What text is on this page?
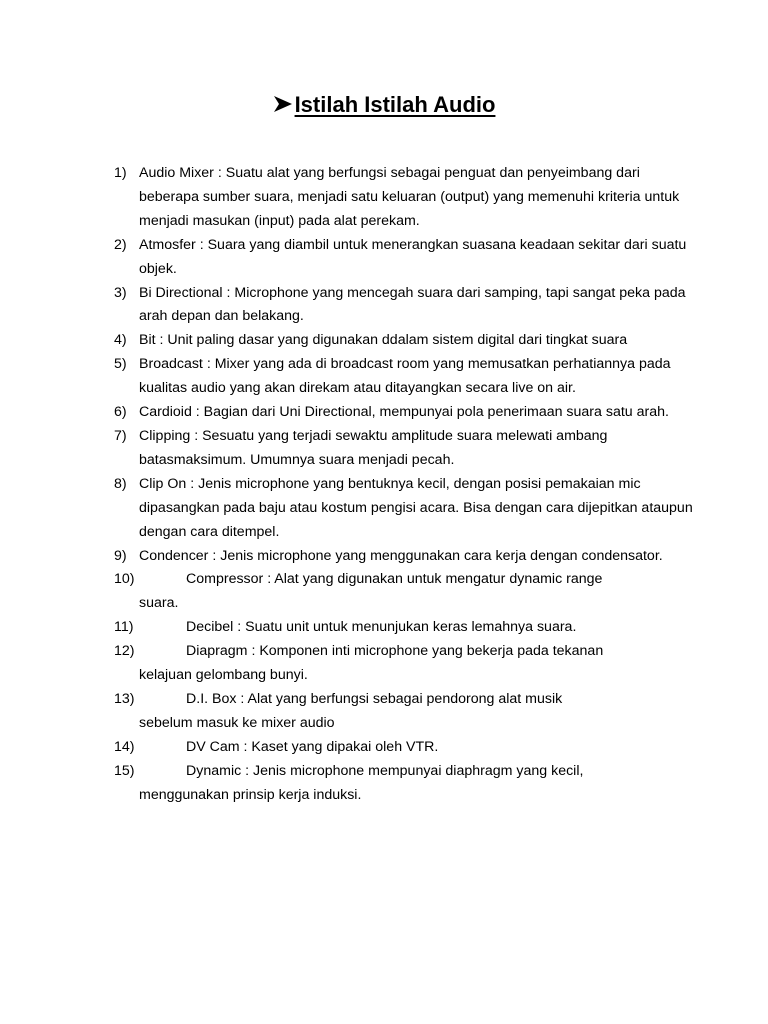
Istilah Istilah Audio
1) Audio Mixer : Suatu alat yang berfungsi sebagai penguat dan penyeimbang dari beberapa sumber suara, menjadi satu keluaran (output) yang memenuhi kriteria untuk menjadi masukan (input) pada alat perekam.
2) Atmosfer : Suara yang diambil untuk menerangkan suasana keadaan sekitar dari suatu objek.
3) Bi Directional : Microphone yang mencegah suara dari samping, tapi sangat peka pada arah depan dan belakang.
4) Bit : Unit paling dasar yang digunakan ddalam sistem digital dari tingkat suara
5) Broadcast : Mixer yang ada di broadcast room yang memusatkan perhatiannya pada kualitas audio yang akan direkam atau ditayangkan secara live on air.
6) Cardioid : Bagian dari Uni Directional, mempunyai pola penerimaan suara satu arah.
7) Clipping : Sesuatu yang terjadi sewaktu amplitude suara melewati ambang batasmaksimum. Umumnya suara menjadi pecah.
8) Clip On : Jenis microphone yang bentuknya kecil, dengan posisi pemakaian mic dipasangkan pada baju atau kostum pengisi acara. Bisa dengan cara dijepitkan ataupun dengan cara ditempel.
9) Condencer : Jenis microphone yang menggunakan cara kerja dengan condensator.
10)	Compressor : Alat yang digunakan untuk mengatur dynamic range
suara.
11)	Decibel : Suatu unit untuk menunjukan keras lemahnya suara.
12)	Diapragm : Komponen inti microphone yang bekerja pada tekanan
kelajuan gelombang bunyi.
13)	D.I. Box : Alat yang berfungsi sebagai pendorong alat musik
sebelum masuk ke mixer audio
14)	DV Cam : Kaset yang dipakai oleh VTR.
15)	Dynamic : Jenis microphone mempunyai diaphragm yang kecil,
menggunakan prinsip kerja induksi.
